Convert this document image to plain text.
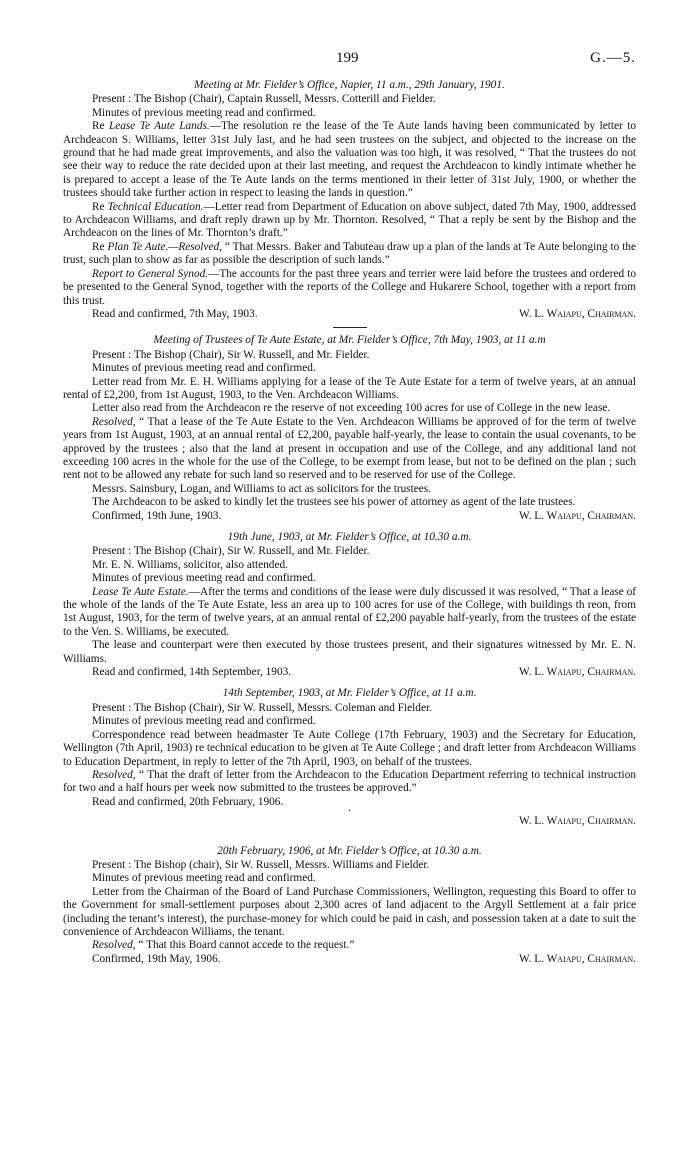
199	G.—5.

Meeting at Mr. Fielder’s Office, Napier, 11 a.m., 29th January, 1901.

Present : The Bishop (Chair), Captain Russell, Messrs. Cotterill and Fielder.

Minutes of previous meeting read and confirmed.

Re Lease Te Aute Lands.—The resolution re the lease of the Te Aute lands having been communicated by letter to Archdeacon S. Williams, letter 31st July last, and he had seen trustees on the subject, and objected to the increase on the ground that he had made great improvements, and also the valuation was too high, it was resolved, “ That the trustees do not see their way to reduce the rate decided upon at their last meeting, and request the Archdeacon to kindly intimate whether he is prepared to accept a lease of the Te Aute lands on the terms mentioned in their letter of 31st July, 1900, or whether the trustees should take further action in respect to leasing the lands in question.”

Re Technical Education.—Letter read from Department of Education on above subject, dated 7th May, 1900, addressed to Archdeacon Williams, and draft reply drawn up by Mr. Thornton. Resolved, “ That a reply be sent by the Bishop and the Archdeacon on the lines of Mr. Thornton’s draft.”

Re Plan Te Aute.—Resolved, “ That Messrs. Baker and Tabuteau draw up a plan of the lands at Te Aute belonging to the trust, such plan to show as far as possible the description of such lands.”

Report to General Synod.—The accounts for the past three years and terrier were laid before the trustees and ordered to be presented to the General Synod, together with the reports of the College and Hukarere School, together with a report from this trust.

Read and confirmed, 7th May, 1903.	W. L. Waiapu, Chairman.

Meeting of Trustees of Te Aute Estate, at Mr. Fielder’s Office, 7th May, 1903, at 11 a.m

Present : The Bishop (Chair), Sir W. Russell, and Mr. Fielder.

Minutes of previous meeting read and confirmed.

Letter read from Mr. E. H. Williams applying for a lease of the Te Aute Estate for a term of twelve years, at an annual rental of £2,200, from 1st August, 1903, to the Ven. Archdeacon Williams.

Letter also read from the Archdeacon re the reserve of not exceeding 100 acres for use of College in the new lease.

Resolved, “ That a lease of the Te Aute Estate to the Ven. Archdeacon Williams be approved of for the term of twelve years from 1st August, 1903, at an annual rental of £2,200, payable half-yearly, the lease to contain the usual covenants, to be approved by the trustees ; also that the land at present in occupation and use of the College, and any additional land not exceeding 100 acres in the whole for the use of the College, to be exempt from lease, but not to be defined on the plan ; such rent not to be allowed any rebate for such land so reserved and to be reserved for use of the College.

Messrs. Sainsbury, Logan, and Williams to act as solicitors for the trustees.

The Archdeacon to be asked to kindly let the trustees see his power of attorney as agent of the late trustees.

Confirmed, 19th June, 1903.	W. L. Waiapu, Chairman.

19th June, 1903, at Mr. Fielder’s Office, at 10.30 a.m.

Present : The Bishop (Chair), Sir W. Russell, and Mr. Fielder.

Mr. E. N. Williams, solicitor, also attended.

Minutes of previous meeting read and confirmed.

Lease Te Aute Estate.—After the terms and conditions of the lease were duly discussed it was resolved, “ That a lease of the whole of the lands of the Te Aute Estate, less an area up to 100 acres for use of the College, with buildings th reon, from 1st August, 1903, for the term of twelve years, at an annual rental of £2,200 payable half-yearly, from the trustees of the estate to the Ven. S. Williams, be executed.

The lease and counterpart were then executed by those trustees present, and their signatures witnessed by Mr. E. N. Williams.

Read and confirmed, 14th September, 1903.	W. L. Waiapu, Chairman.

14th September, 1903, at Mr. Fielder’s Office, at 11 a.m.

Present : The Bishop (Chair), Sir W. Russell, Messrs. Coleman and Fielder.

Minutes of previous meeting read and confirmed.

Correspondence read between headmaster Te Aute College (17th February, 1903) and the Secretary for Education, Wellington (7th April, 1903) re technical education to be given at Te Aute College ; and draft letter from Archdeacon Williams to Education Department, in reply to letter of the 7th April, 1903, on behalf of the trustees.

Resolved, “ That the draft of letter from the Archdeacon to the Education Department referring to technical instruction for two and a half hours per week now submitted to the trustees be approved.”

Read and confirmed, 20th February, 1906.

·
W. L. Waiapu, Chairman.

20th February, 1906, at Mr. Fielder’s Office, at 10.30 a.m.

Present : The Bishop (chair), Sir W. Russell, Messrs. Williams and Fielder.

Minutes of previous meeting read and confirmed.

Letter from the Chairman of the Board of Land Purchase Commissioners, Wellington, requesting this Board to offer to the Government for small-settlement purposes about 2,300 acres of land adjacent to the Argyll Settlement at a fair price (including the tenant’s interest), the purchase-money for which could be paid in cash, and possession taken at a date to suit the convenience of Archdeacon Williams, the tenant.

Resolved, “ That this Board cannot accede to the request.”

Confirmed, 19th May, 1906.	W. L. Waiapu, Chairman.
